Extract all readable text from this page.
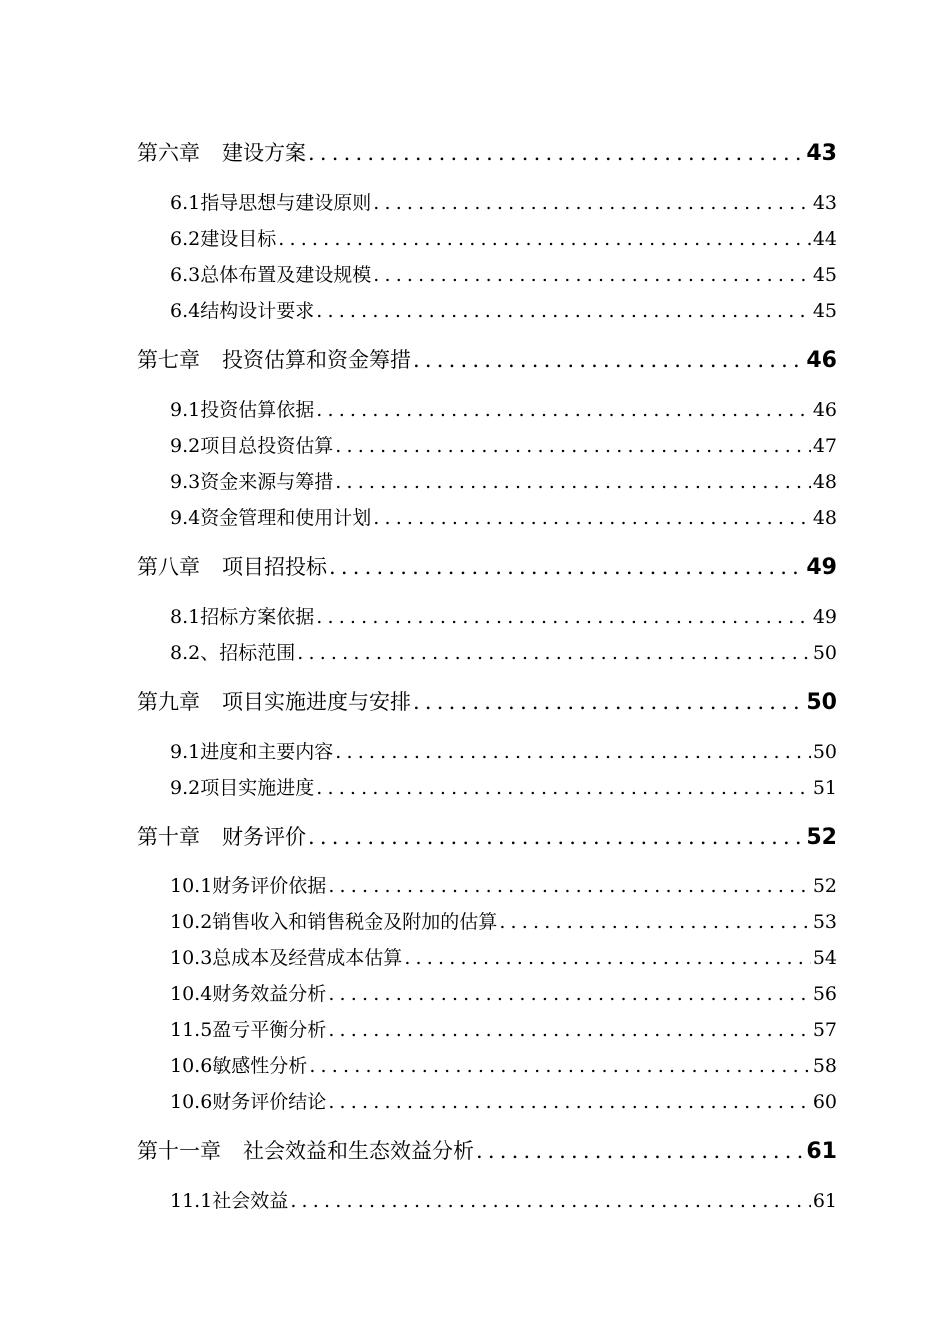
第六章 建设方案 .....	43
6.1指导思想与建设原则 .....	43
6.2建设目标 .....	44
6.3总体布置及建设规模 .....	45
6.4结构设计要求 .....	45
第七章 投资估算和资金筹措 .....	46
9.1投资估算依据 .....	46
9.2项目总投资估算 .....	47
9.3资金来源与筹措 .....	48
9.4资金管理和使用计划 .....	48
第八章 项目招投标 .....	49
8.1招标方案依据 .....	49
8.2、招标范围 .....	50
第九章 项目实施进度与安排 .....	50
9.1进度和主要内容 .....	50
9.2项目实施进度 .....	51
第十章 财务评价 .....	52
10.1财务评价依据 .....	52
10.2销售收入和销售税金及附加的估算 .....	53
10.3总成本及经营成本估算 .....	54
10.4财务效益分析 .....	56
11.5盈亏平衡分析 .....	57
10.6敏感性分析 .....	58
10.6财务评价结论 .....	60
第十一章 社会效益和生态效益分析 .....	61
11.1社会效益 .....	61
